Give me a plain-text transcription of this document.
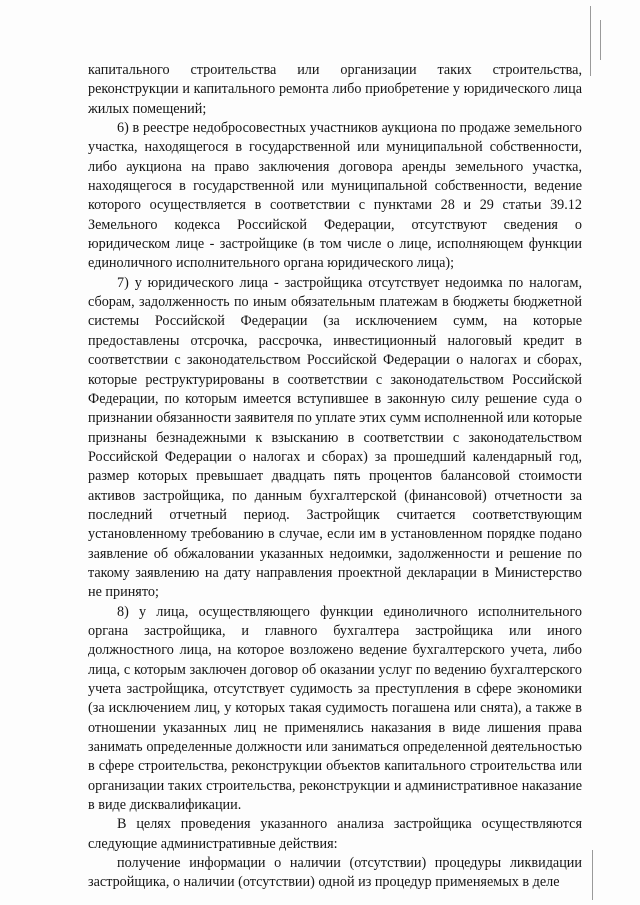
капитального строительства или организации таких строительства, реконструкции и капитального ремонта либо приобретение у юридического лица жилых помещений;

6) в реестре недобросовестных участников аукциона по продаже земельного участка, находящегося в государственной или муниципальной собственности, либо аукциона на право заключения договора аренды земельного участка, находящегося в государственной или муниципальной собственности, ведение которого осуществляется в соответствии с пунктами 28 и 29 статьи 39.12 Земельного кодекса Российской Федерации, отсутствуют сведения о юридическом лице - застройщике (в том числе о лице, исполняющем функции единоличного исполнительного органа юридического лица);

7) у юридического лица - застройщика отсутствует недоимка по налогам, сборам, задолженность по иным обязательным платежам в бюджеты бюджетной системы Российской Федерации (за исключением сумм, на которые предоставлены отсрочка, рассрочка, инвестиционный налоговый кредит в соответствии с законодательством Российской Федерации о налогах и сборах, которые реструктурированы в соответствии с законодательством Российской Федерации, по которым имеется вступившее в законную силу решение суда о признании обязанности заявителя по уплате этих сумм исполненной или которые признаны безнадежными к взысканию в соответствии с законодательством Российской Федерации о налогах и сборах) за прошедший календарный год, размер которых превышает двадцать пять процентов балансовой стоимости активов застройщика, по данным бухгалтерской (финансовой) отчетности за последний отчетный период. Застройщик считается соответствующим установленному требованию в случае, если им в установленном порядке подано заявление об обжаловании указанных недоимки, задолженности и решение по такому заявлению на дату направления проектной декларации в Министерство не принято;

8) у лица, осуществляющего функции единоличного исполнительного органа застройщика, и главного бухгалтера застройщика или иного должностного лица, на которое возложено ведение бухгалтерского учета, либо лица, с которым заключен договор об оказании услуг по ведению бухгалтерского учета застройщика, отсутствует судимость за преступления в сфере экономики (за исключением лиц, у которых такая судимость погашена или снята), а также в отношении указанных лиц не применялись наказания в виде лишения права занимать определенные должности или заниматься определенной деятельностью в сфере строительства, реконструкции объектов капитального строительства или организации таких строительства, реконструкции и административное наказание в виде дисквалификации.

В целях проведения указанного анализа застройщика осуществляются следующие административные действия:

получение информации о наличии (отсутствии) процедуры ликвидации застройщика, о наличии (отсутствии) одной из процедур применяемых в деле
